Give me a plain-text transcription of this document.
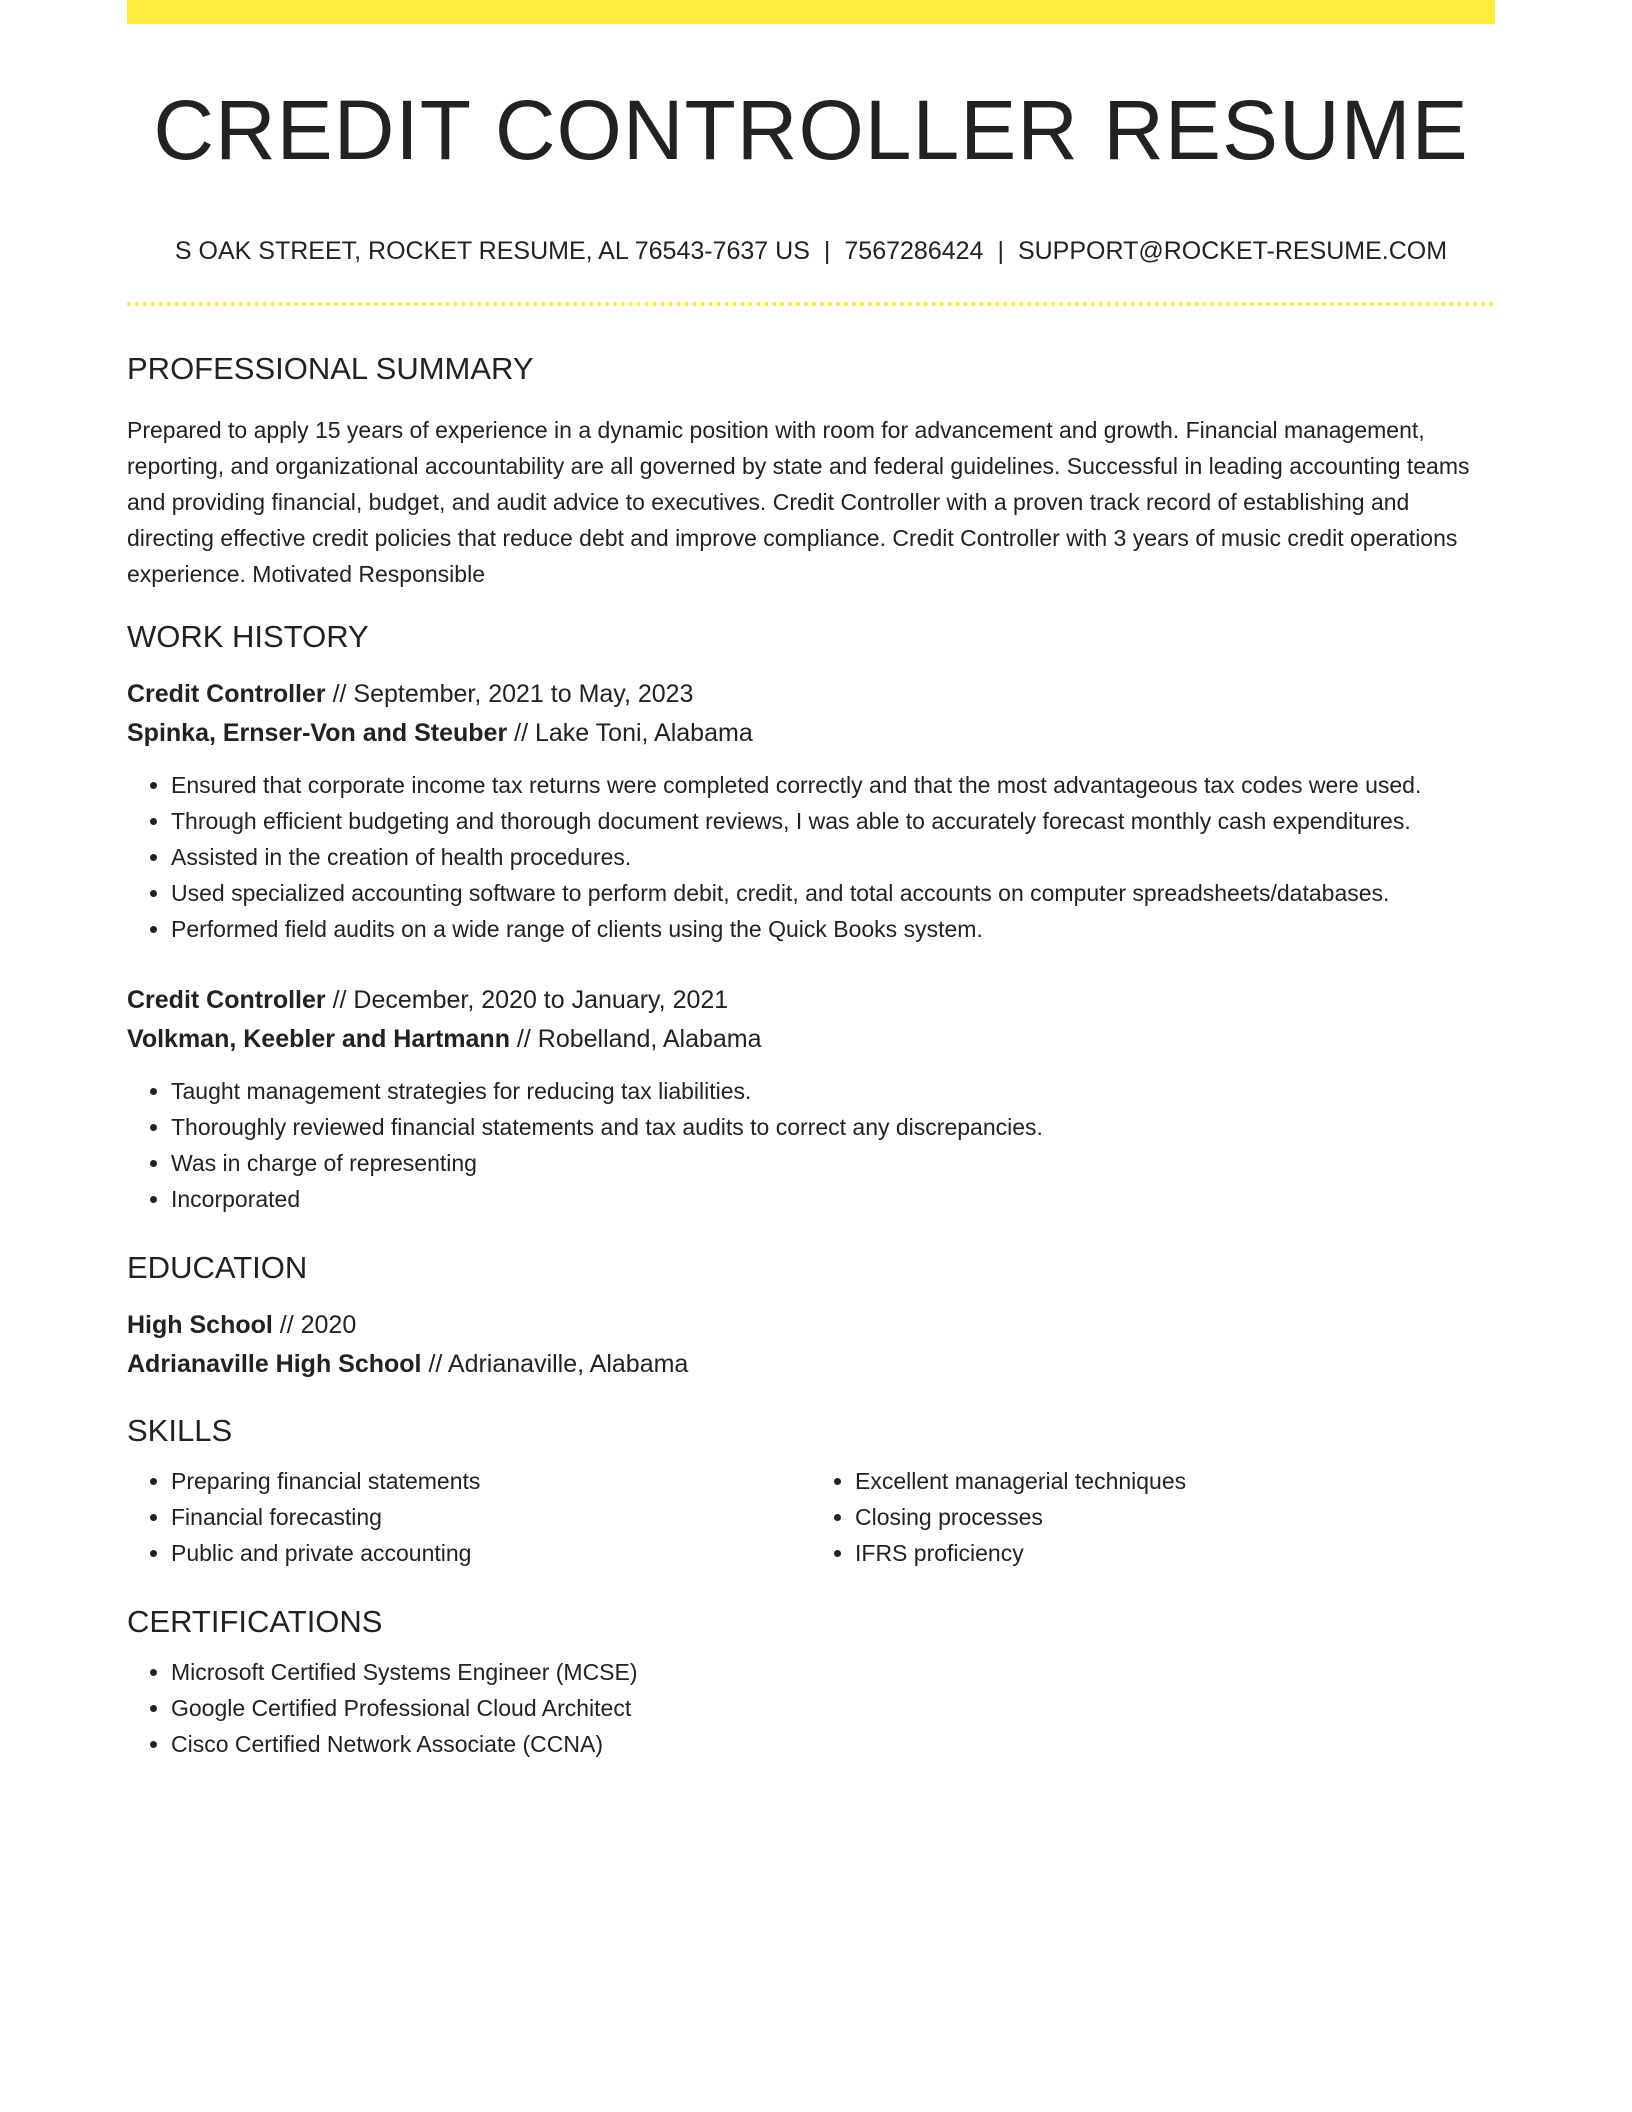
CREDIT CONTROLLER RESUME
S OAK STREET, ROCKET RESUME, AL 76543-7637 US | 7567286424 | SUPPORT@ROCKET-RESUME.COM
PROFESSIONAL SUMMARY

Prepared to apply 15 years of experience in a dynamic position with room for advancement and growth. Financial management, reporting, and organizational accountability are all governed by state and federal guidelines. Successful in leading accounting teams and providing financial, budget, and audit advice to executives. Credit Controller with a proven track record of establishing and directing effective credit policies that reduce debt and improve compliance. Credit Controller with 3 years of music credit operations experience. Motivated Responsible

WORK HISTORY

Credit Controller // September, 2021 to May, 2023

Spinka, Ernser-Von and Steuber // Lake Toni, Alabama

• Ensured that corporate income tax returns were completed correctly and that the most advantageous tax codes were used.
• Through efficient budgeting and thorough document reviews, I was able to accurately forecast monthly cash expenditures.
• Assisted in the creation of health procedures.
• Used specialized accounting software to perform debit, credit, and total accounts on computer spreadsheets/databases.
• Performed field audits on a wide range of clients using the Quick Books system.

Credit Controller // December, 2020 to January, 2021

Volkman, Keebler and Hartmann // Robelland, Alabama

• Taught management strategies for reducing tax liabilities.
• Thoroughly reviewed financial statements and tax audits to correct any discrepancies.
• Was in charge of representing
• Incorporated
EDUCATION

High School // 2020

Adrianaville High School // Adrianaville, Alabama

SKILLS
• Preparing financial statements
• Financial forecasting
• Public and private accounting
• Excellent managerial techniques
• Closing processes
• IFRS proficiency
CERTIFICATIONS
• Microsoft Certified Systems Engineer (MCSE)
• Google Certified Professional Cloud Architect
• Cisco Certified Network Associate (CCNA)
